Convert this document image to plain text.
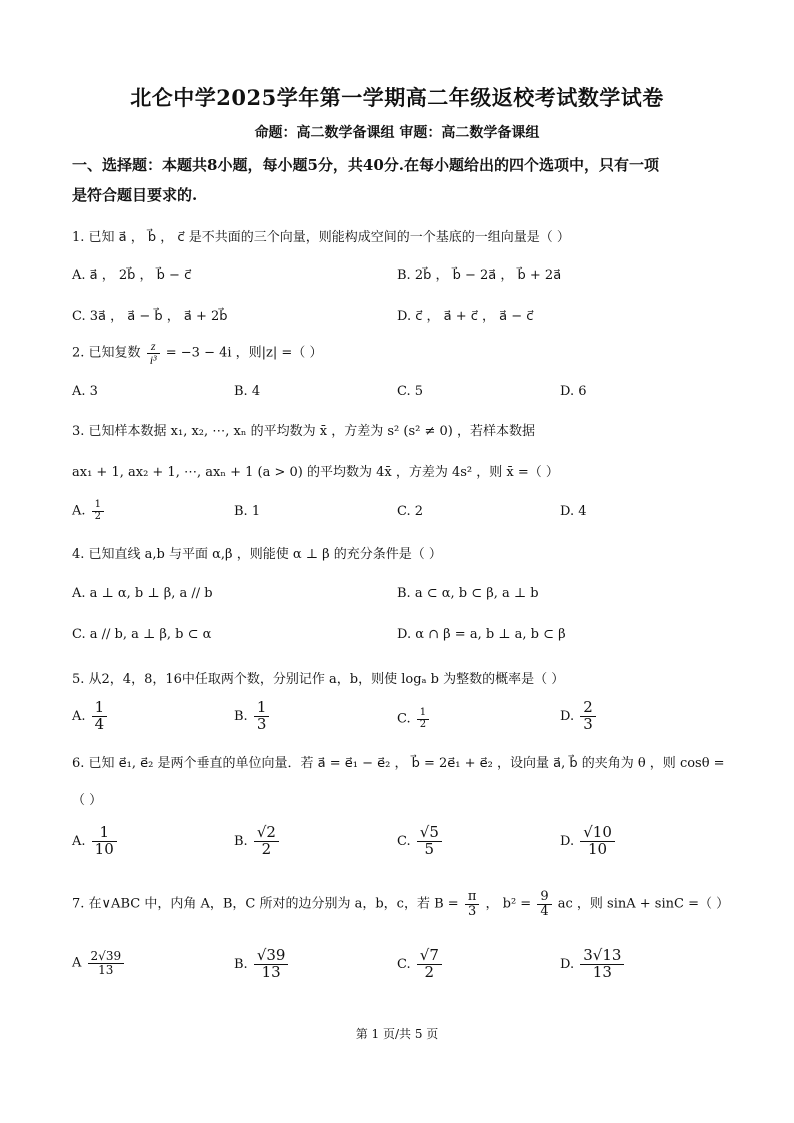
北仑中学2025学年第一学期高二年级返校考试数学试卷
命题：高二数学备课组 审题：高二数学备课组
一、选择题：本题共8小题，每小题5分，共40分.在每小题给出的四个选项中，只有一项
是符合题目要求的.
1. 已知 a⃗ ， b⃗ ， c⃗ 是不共面的三个向量，则能构成空间的一个基底的一组向量是（ ）
A. a⃗ ， 2b⃗ ， b⃗ − c⃗	B. 2b⃗ ， b⃗ − 2a⃗ ， b⃗ + 2a⃗
C. 3a⃗ ， a⃗ − b⃗ ， a⃗ + 2b⃗	D. c⃗ ， a⃗ + c⃗ ， a⃗ − c⃗
2. 已知复数 $\frac{z}{\text{i³}} = -3 - 4i$ ，则|z| =（ ）
A. 3	B. 4	C. 5	D. 6
3. 已知样本数据 x₁, x₂, ⋯, xₙ 的平均数为 x̄ ，方差为 s² (s² ≠ 0) ，若样本数据
ax₁ + 1, ax₂ + 1, ⋯, axₙ + 1 (a > 0) 的平均数为 4x̄ ，方差为 4s² ，则 x̄ =（ ）
A. $\frac{1}{2}$	B. 1	C. 2	D. 4
4. 已知直线 a,b 与平面 α,β ，则能使 α ⊥ β 的充分条件是（ ）
A. a ⊥ α, b ⊥ β, a // b	B. a ⊂ α, b ⊂ β, a ⊥ b
C. a // b, a ⊥ β, b ⊂ α	D. α ∩ β = a, b ⊥ a, b ⊂ β
5. 从2，4，8，16中任取两个数，分别记作 a，b，则使 logₐ b 为整数的概率是（ ）
A. $\frac{1}{4}$	B. $\frac{1}{3}$	C. $\frac{1}{2}$	D. $\frac{2}{3}$
6. 已知 e⃗₁, e⃗₂ 是两个垂直的单位向量．若 a⃗ = e⃗₁ − e⃗₂ ， b⃗ = 2e⃗₁ + e⃗₂ ，设向量 a⃗, b⃗ 的夹角为 θ ，则 cosθ =
（ ）
A. $\frac{1}{10}$	B. $\frac{√2}{2}$	C. $\frac{√5}{5}$	D. $\frac{√10}{10}$
7. 在∨ABC 中，内角 A，B，C 所对的边分别为 a，b，c，若 $B = \frac{\pi}{3}$ ， $b^2 = \frac{9}{4}$ ac ，则 sinA + sinC =（ ）
A $\frac{2√39}{13}$	B. $\frac{√39}{13}$	C. $\frac{√7}{2}$	D. $\frac{3√13}{13}$
第 1 页/共 5 页
